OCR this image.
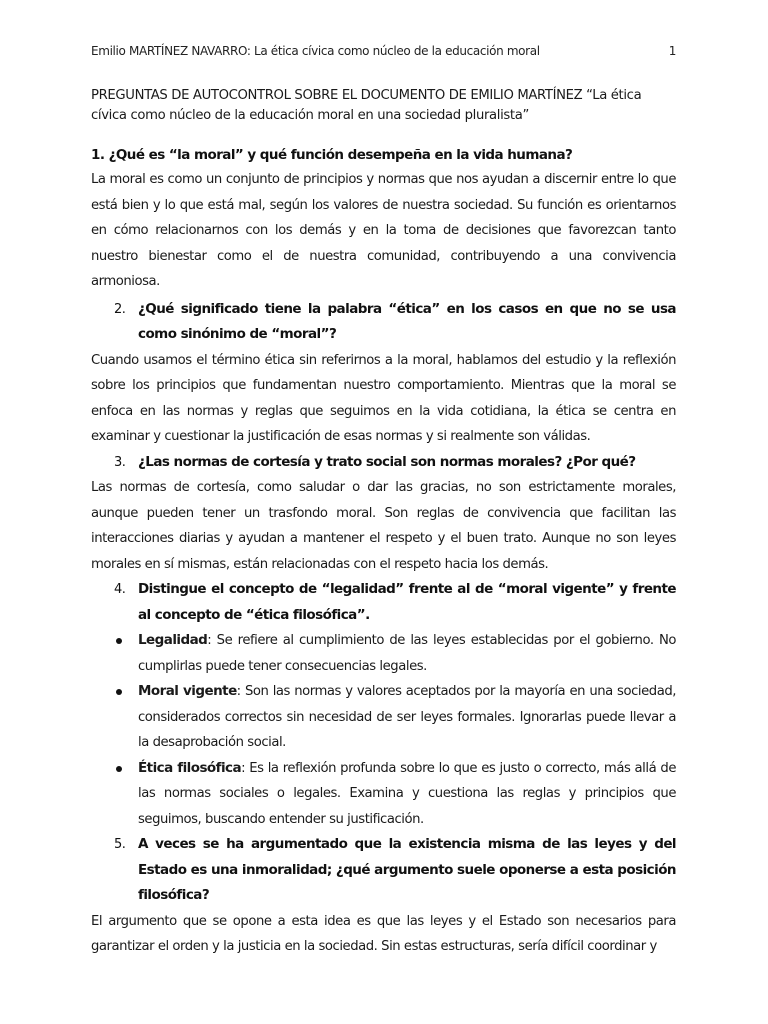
Emilio MARTÍNEZ NAVARRO: La ética cívica como núcleo de la educación moral	1
PREGUNTAS DE AUTOCONTROL SOBRE EL DOCUMENTO DE EMILIO MARTÍNEZ “La ética cívica como núcleo de la educación moral en una sociedad pluralista”

1. ¿Qué es “la moral” y qué función desempeña en la vida humana?

La moral es como un conjunto de principios y normas que nos ayudan a discernir entre lo que está bien y lo que está mal, según los valores de nuestra sociedad. Su función es orientarnos en cómo relacionarnos con los demás y en la toma de decisiones que favorezcan tanto nuestro bienestar como el de nuestra comunidad, contribuyendo a una convivencia armoniosa.

2. ¿Qué significado tiene la palabra “ética” en los casos en que no se usa como sinónimo de “moral”?

Cuando usamos el término ética sin referirnos a la moral, hablamos del estudio y la reflexión sobre los principios que fundamentan nuestro comportamiento. Mientras que la moral se enfoca en las normas y reglas que seguimos en la vida cotidiana, la ética se centra en examinar y cuestionar la justificación de esas normas y si realmente son válidas.

3. ¿Las normas de cortesía y trato social son normas morales? ¿Por qué?

Las normas de cortesía, como saludar o dar las gracias, no son estrictamente morales, aunque pueden tener un trasfondo moral. Son reglas de convivencia que facilitan las interacciones diarias y ayudan a mantener el respeto y el buen trato. Aunque no son leyes morales en sí mismas, están relacionadas con el respeto hacia los demás.

4. Distingue el concepto de “legalidad” frente al de “moral vigente” y frente al concepto de “ética filosófica”.
Legalidad: Se refiere al cumplimiento de las leyes establecidas por el gobierno. No cumplirlas puede tener consecuencias legales.
Moral vigente: Son las normas y valores aceptados por la mayoría en una sociedad, considerados correctos sin necesidad de ser leyes formales. Ignorarlas puede llevar a la desaprobación social.
Ética filosófica: Es la reflexión profunda sobre lo que es justo o correcto, más allá de las normas sociales o legales. Examina y cuestiona las reglas y principios que seguimos, buscando entender su justificación.
5. A veces se ha argumentado que la existencia misma de las leyes y del Estado es una inmoralidad; ¿qué argumento suele oponerse a esta posición filosófica?

El argumento que se opone a esta idea es que las leyes y el Estado son necesarios para garantizar el orden y la justicia en la sociedad. Sin estas estructuras, sería difícil coordinar y
